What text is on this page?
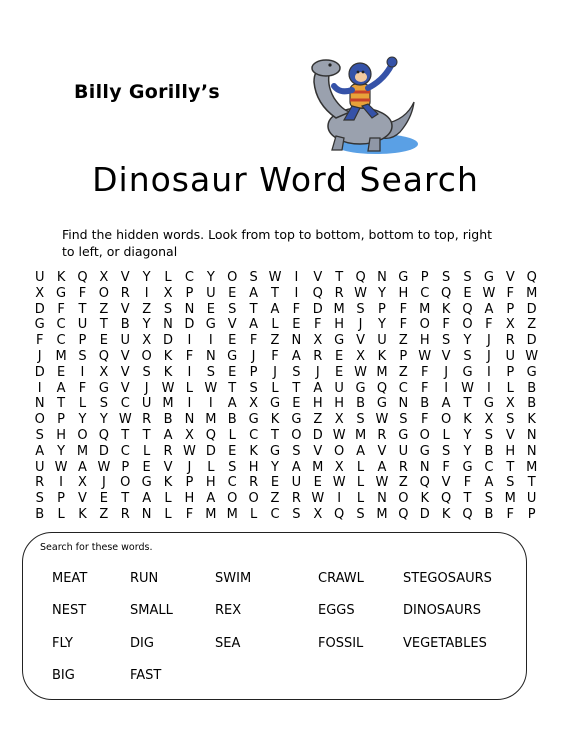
Billy Gorilly’s
Dinosaur Word Search
Find the hidden words. Look from top to bottom, bottom to top, right to left, or diagonal
U K Q X V Y	L	C Y O S W	I	V T Q N G P	S	S G V Q
X G F O R	I	X	P U E A T	I	Q R W Y H C Q E W F M
D F	T Z V Z S N E	S	T A	F D M S	P	F M K Q A	P D
G C U T B Y N D G V A	L	E	F H	J	Y	F O F O F	X Z
F	C P	E U X D	I	I	E	F	Z N X G V U Z H S	Y	J	R D
J	M S Q V O K	F N G	J	F	A R E X K	P W V S	J	U W
D E	I	X V S K	I	S	E	P	J	S	J	E W M Z	F	J	G	I	P G
I	A	F G V	J	W L W T	S	L	T A U G Q C	F	I	W	I	L	B
N T	L	S C U M	I	I	A X G E H H B G N B A T G X B
O P	Y	Y W R B N M B G K G Z X S W S	F O K X S K
S H O Q T	T A X Q L	C T O D W M R G O L	Y	S V N
A Y M D C	L	R W D E	K G S V O A V U G S	Y B H N
U W A W P	E V	J	L	S H Y A M X	L	A R N F G C T M
R	I	X	J	O G K	P H C R E U E W L W Z Q V	F	A S	T
S	P	V E	T A	L H A O O Z R W	I	L N O K Q T	S M U
B	L	K Z R N L	F M M L	C S X Q S M Q D K Q B	F	P
Search for these words.
MEAT	RUN	SWIM	CRAWL	STEGOSAURS
NEST	SMALL	REX	EGGS	DINOSAURS
FLY	DIG	SEA	FOSSIL	VEGETABLES
BIG	FAST
